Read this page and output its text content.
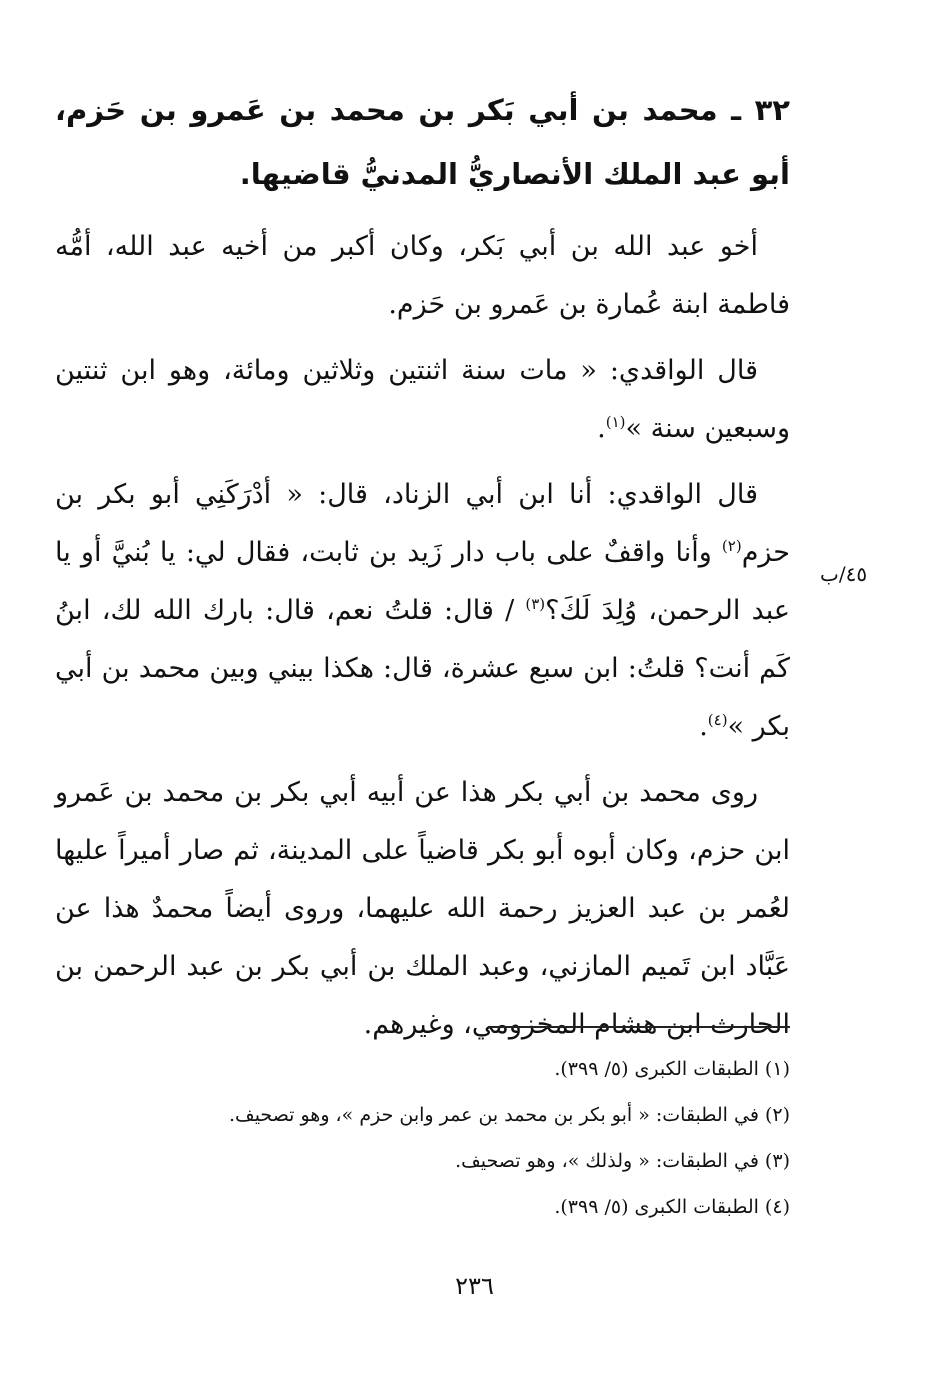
٣٢ ـ محمد بن أبي بَكر بن محمد بن عَمرو بن حَزم، أبو عبد الملك الأنصاريُّ المدنيُّ قاضيها.

أخو عبد الله بن أبي بَكر، وكان أكبر من أخيه عبد الله، أمُّه فاطمة ابنة عُمارة بن عَمرو بن حَزم.

قال الواقدي: « مات سنة اثنتين وثلاثين ومائة، وهو ابن ثنتين وسبعين سنة »$^{(١)}$.

قال الواقدي: أنا ابن أبي الزناد، قال: « أدْرَكَنِي أبو بكر بن حزم$^{(٢)}$ وأنا واقفٌ على باب دار زَيد بن ثابت، فقال لي: يا بُنيَّ أو يا عبد الرحمن، وُلِدَ لَكَ؟$^{(٣)}$ / قال: قلتُ نعم، قال: بارك الله لك، ابنُ كَم أنت؟ قلتُ: ابن سبع عشرة، قال: هكذا بيني وبين محمد بن أبي بكر »$^{(٤)}$.

روى محمد بن أبي بكر هذا عن أبيه أبي بكر بن محمد بن عَمرو ابن حزم، وكان أبوه أبو بكر قاضياً على المدينة، ثم صار أميراً عليها لعُمر بن عبد العزيز رحمة الله عليهما، وروى أيضاً محمدٌ هذا عن عَبَّاد ابن تَميم المازني، وعبد الملك بن أبي بكر بن عبد الرحمن بن الحارث ابن هشام المخزومي، وغيرهم.

٤٥/ب
(١) الطبقات الكبرى (٥/ ٣٩٩).
(٢) في الطبقات: « أبو بكر بن محمد بن عمر وابن حزم »، وهو تصحيف.
(٣) في الطبقات: « ولذلك »، وهو تصحيف.
(٤) الطبقات الكبرى (٥/ ٣٩٩).
٢٣٦
